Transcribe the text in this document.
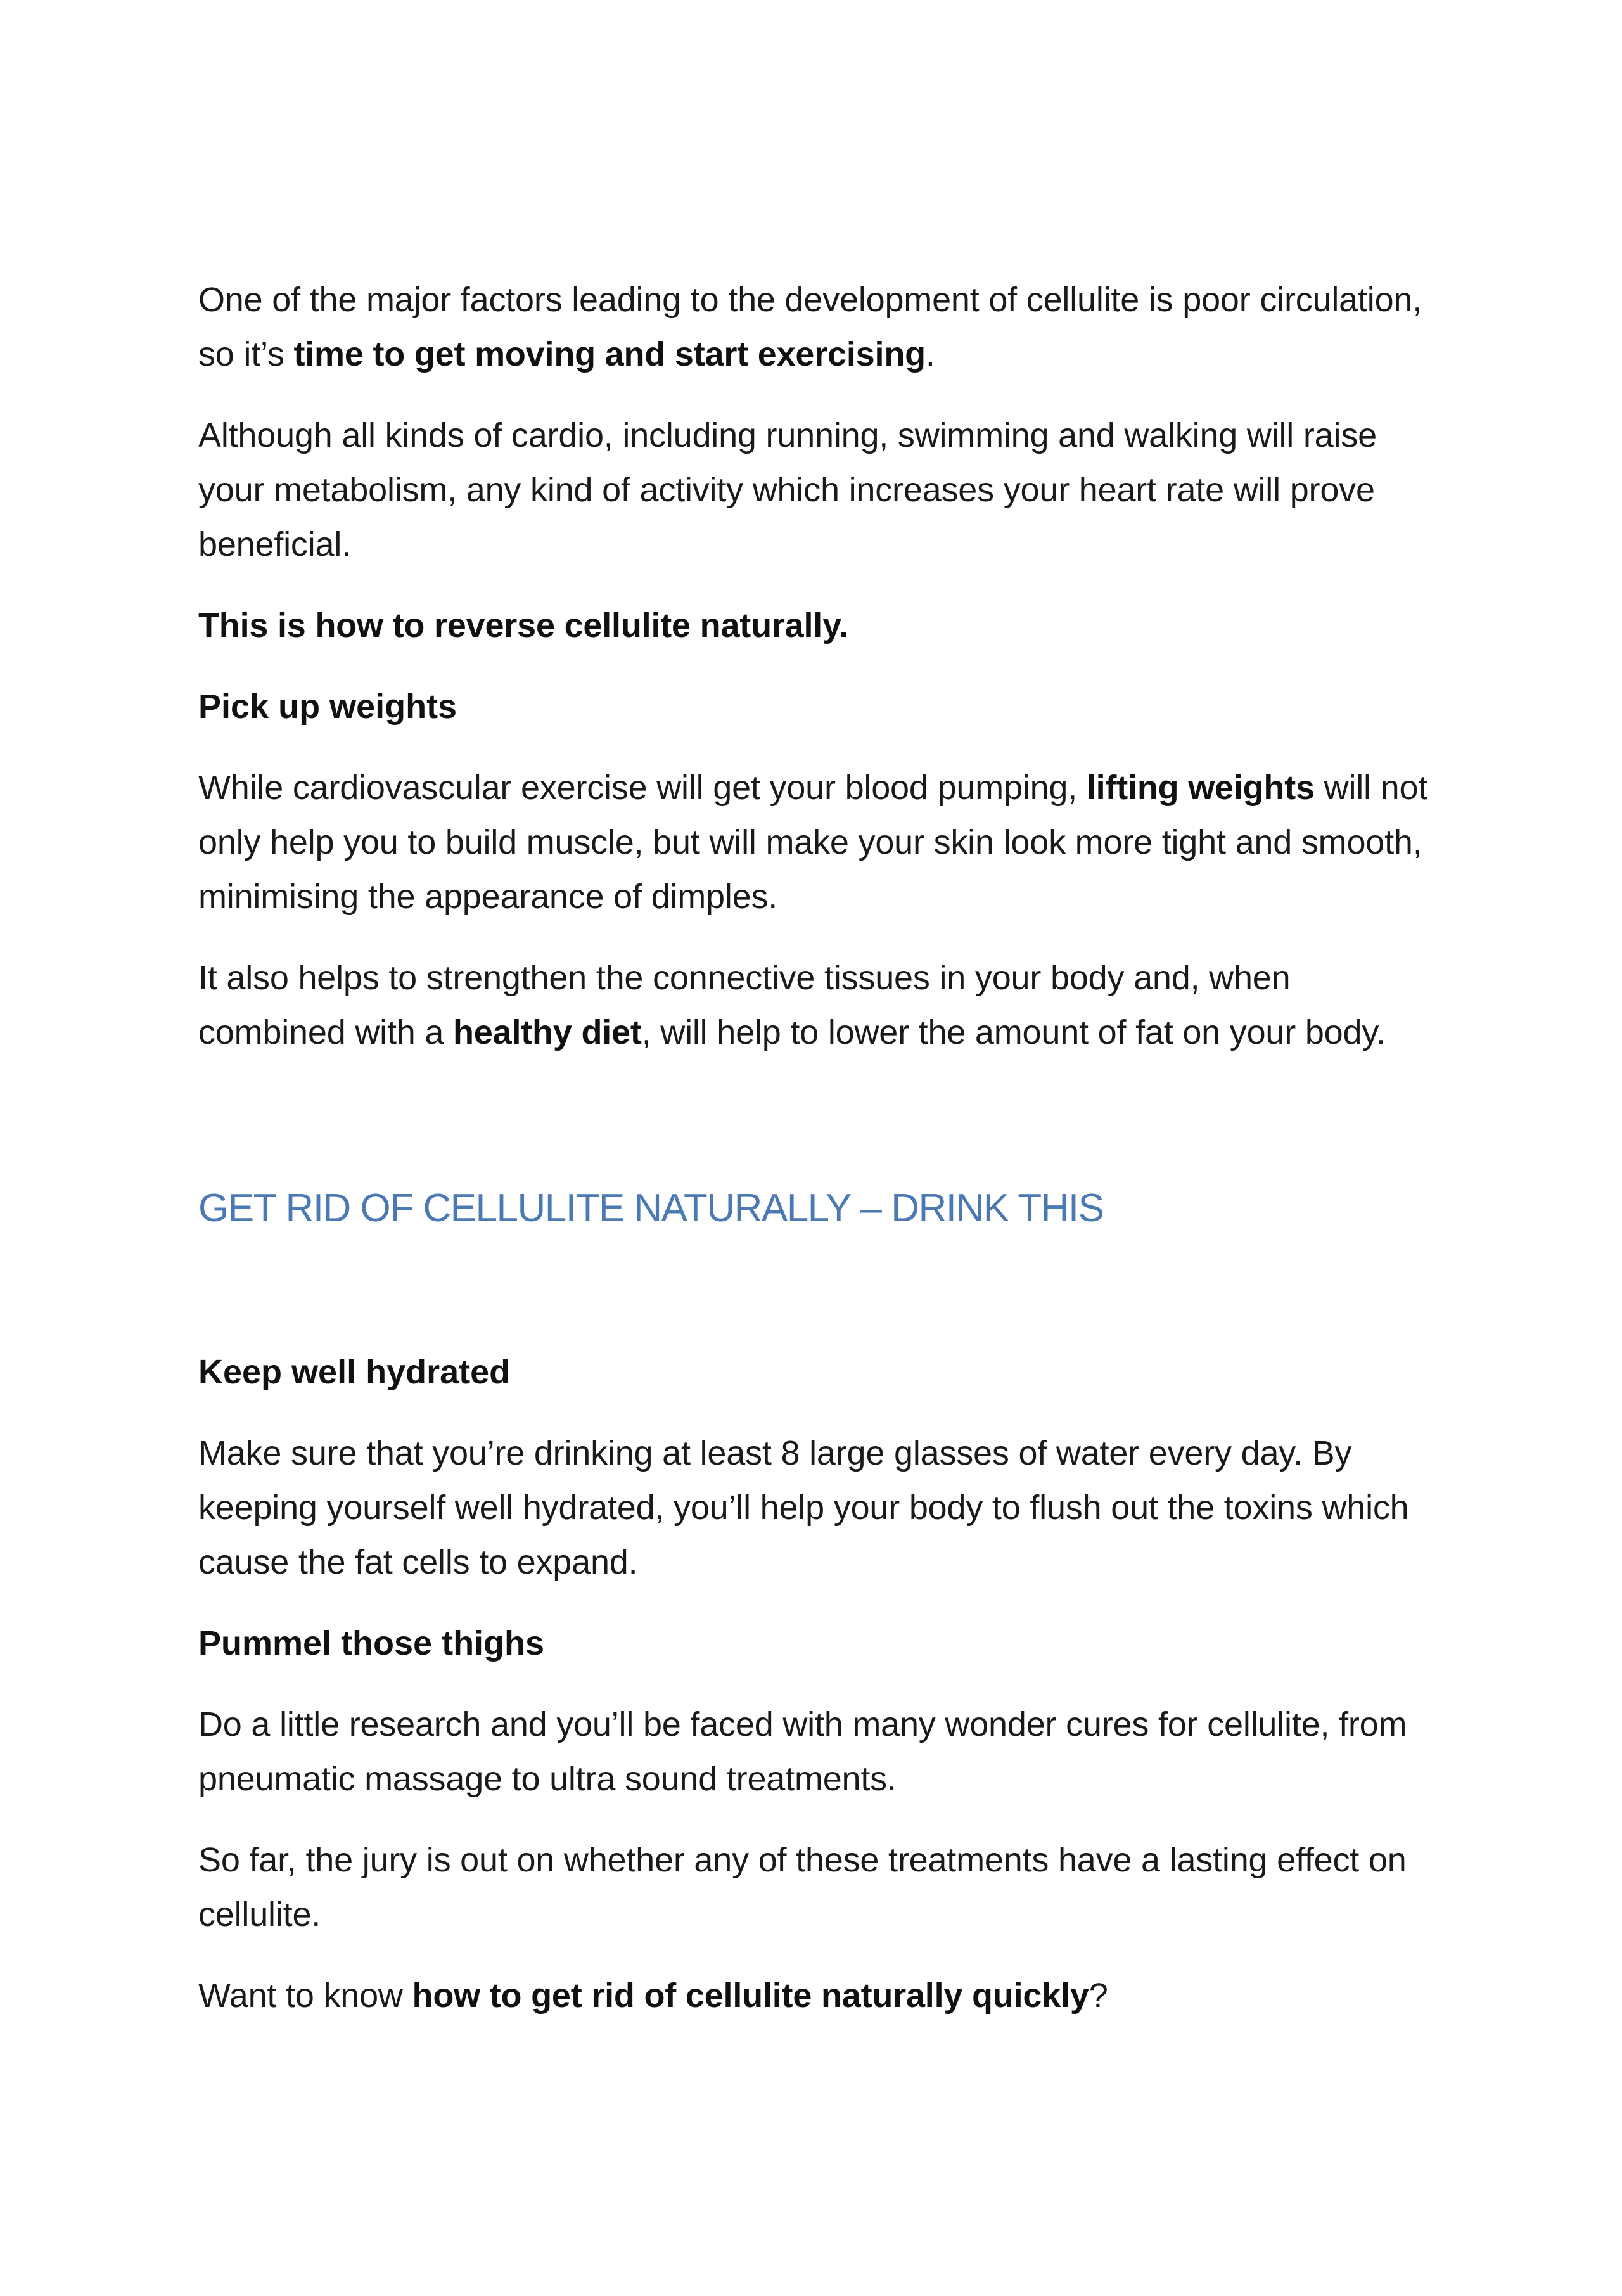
One of the major factors leading to the development of cellulite is poor circulation, so it’s time to get moving and start exercising.

Although all kinds of cardio, including running, swimming and walking will raise your metabolism, any kind of activity which increases your heart rate will prove beneficial.

This is how to reverse cellulite naturally.

Pick up weights

While cardiovascular exercise will get your blood pumping, lifting weights will not only help you to build muscle, but will make your skin look more tight and smooth, minimising the appearance of dimples.

It also helps to strengthen the connective tissues in your body and, when combined with a healthy diet, will help to lower the amount of fat on your body.

GET RID OF CELLULITE NATURALLY – DRINK THIS
Keep well hydrated

Make sure that you’re drinking at least 8 large glasses of water every day. By keeping yourself well hydrated, you’ll help your body to flush out the toxins which cause the fat cells to expand.

Pummel those thighs

Do a little research and you’ll be faced with many wonder cures for cellulite, from pneumatic massage to ultra sound treatments.

So far, the jury is out on whether any of these treatments have a lasting effect on cellulite.

Want to know how to get rid of cellulite naturally quickly?
